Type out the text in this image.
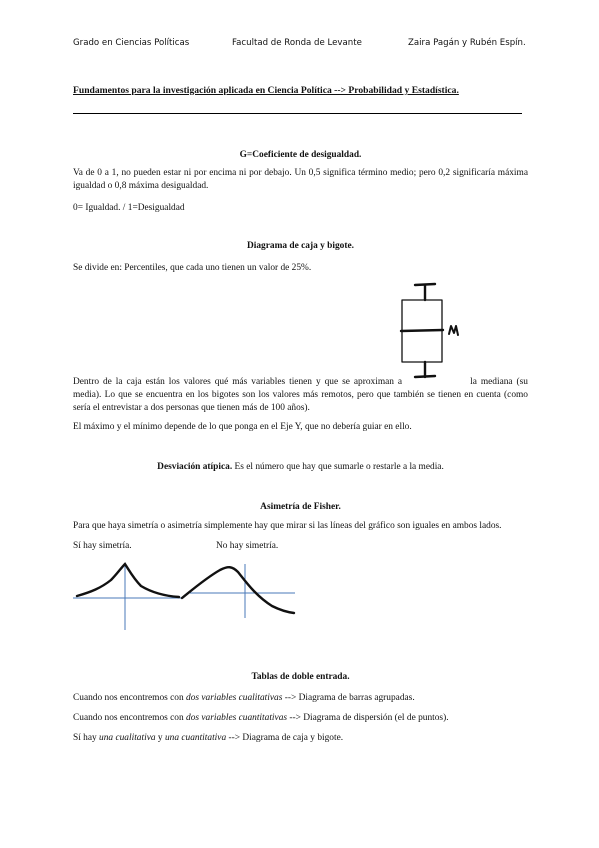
Grado en Ciencias Políticas	Facultad de Ronda de Levante	Zaira Pagán y Rubén Espín.
Fundamentos para la investigación aplicada en Ciencia Política --> Probabilidad y Estadística.
G=Coeficiente de desigualdad.
Va de 0 a 1, no pueden estar ni por encima ni por debajo. Un 0,5 significa término medio; pero 0,2 significaría máxima igualdad o 0,8 máxima desigualdad.
0= Igualdad. / 1=Desigualdad
Diagrama de caja y bigote.
Se divide en: Percentiles, que cada uno tienen un valor de 25%.
M
Dentro de la caja están los valores qué más variables tienen y que se aproximan a	la mediana (su media). Lo que se encuentra en los bigotes son los valores más remotos, pero que también se tienen en cuenta (como sería el entrevistar a dos personas que tienen más de 100 años).
El máximo y el mínimo depende de lo que ponga en el Eje Y, que no debería guiar en ello.
Desviación atípica. Es el número que hay que sumarle o restarle a la media.
Asimetría de Fisher.
Para que haya simetría o asimetría simplemente hay que mirar si las líneas del gráfico son iguales en ambos lados.
Sí hay simetría.	No hay simetría.
Tablas de doble entrada.
Cuando nos encontremos con dos variables cualitativas --> Diagrama de barras agrupadas.
Cuando nos encontremos con dos variables cuantitativas --> Diagrama de dispersión (el de puntos).
Sí hay una cualitativa y una cuantitativa --> Diagrama de caja y bigote.
